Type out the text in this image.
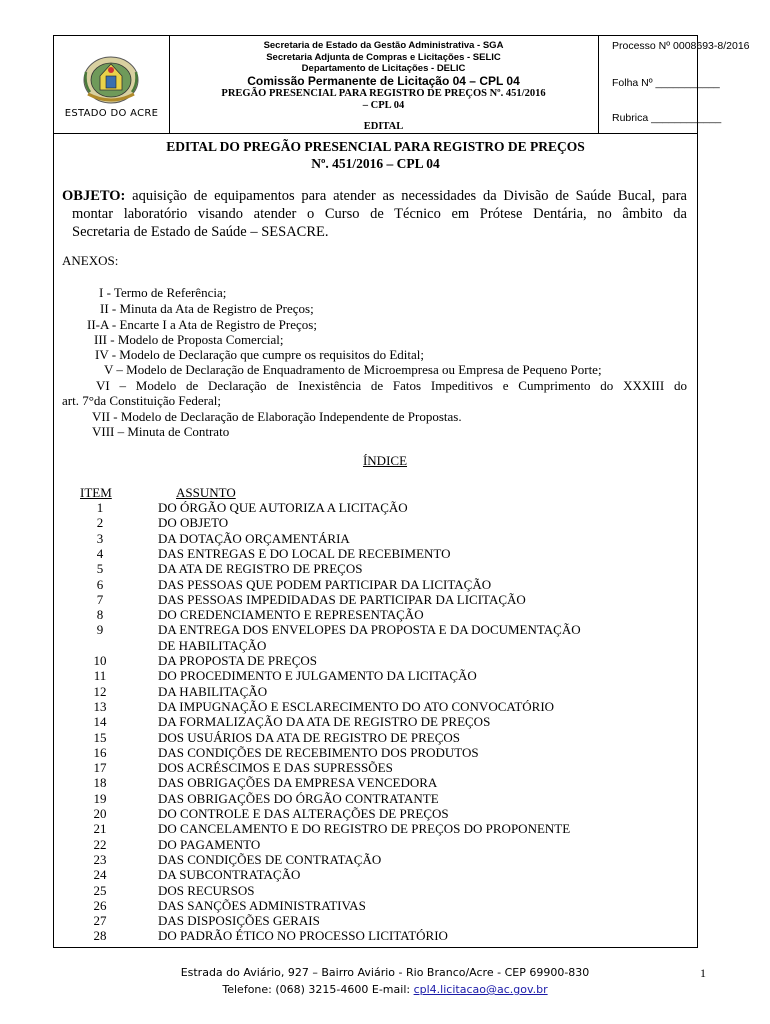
ESTADO DO ACRE
Secretaria de Estado da Gestão Administrativa - SGA
Secretaria Adjunta de Compras e Licitações - SELIC
Departamento de Licitações - DELIC
Comissão Permanente de Licitação 04 – CPL 04
PREGÃO PRESENCIAL PARA REGISTRO DE PREÇOS Nº. 451/2016
– CPL 04
EDITAL
Processo Nº 0008693-8/2016
Folha Nº ___________
Rubrica ____________
EDITAL DO PREGÃO PRESENCIAL PARA REGISTRO DE PREÇOS
Nº. 451/2016 – CPL 04
OBJETO: aquisição de equipamentos para atender as necessidades da Divisão de Saúde Bucal, para
montar laboratório visando atender o Curso de Técnico em Prótese Dentária, no âmbito da
Secretaria de Estado de Saúde – SESACRE.
ANEXOS:
I - Termo de Referência;
II - Minuta da Ata de Registro de Preços;
II-A - Encarte I a Ata de Registro de Preços;
III - Modelo de Proposta Comercial;
IV - Modelo de Declaração que cumpre os requisitos do Edital;
V – Modelo de Declaração de Enquadramento de Microempresa ou Empresa de Pequeno Porte;
VI – Modelo de Declaração de Inexistência de Fatos Impeditivos e Cumprimento do XXXIII do
art. 7°da Constituição Federal;
VII - Modelo de Declaração de Elaboração Independente de Propostas.
VIII – Minuta de Contrato
ÍNDICE
ITEM	ASSUNTO
1	DO ÓRGÃO QUE AUTORIZA A LICITAÇÃO
2	DO OBJETO
3	DA DOTAÇÃO ORÇAMENTÁRIA
4	DAS ENTREGAS E DO LOCAL DE RECEBIMENTO
5	DA ATA DE REGISTRO DE PREÇOS
6	DAS PESSOAS QUE PODEM PARTICIPAR DA LICITAÇÃO
7	DAS PESSOAS IMPEDIDADAS DE PARTICIPAR DA LICITAÇÃO
8	DO CREDENCIAMENTO E REPRESENTAÇÃO
9	DA ENTREGA DOS ENVELOPES DA PROPOSTA E DA DOCUMENTAÇÃO
DE HABILITAÇÃO
10	DA PROPOSTA DE PREÇOS
11	DO PROCEDIMENTO E JULGAMENTO DA LICITAÇÃO
12	DA HABILITAÇÃO
13	DA IMPUGNAÇÃO E ESCLARECIMENTO DO ATO CONVOCATÓRIO
14	DA FORMALIZAÇÃO DA ATA DE REGISTRO DE PREÇOS
15	DOS USUÁRIOS DA ATA DE REGISTRO DE PREÇOS
16	DAS CONDIÇÕES DE RECEBIMENTO DOS PRODUTOS
17	DOS ACRÉSCIMOS E DAS SUPRESSÕES
18	DAS OBRIGAÇÕES DA EMPRESA VENCEDORA
19	DAS OBRIGAÇÕES DO ÓRGÃO CONTRATANTE
20	DO CONTROLE E DAS ALTERAÇÕES DE PREÇOS
21	DO CANCELAMENTO E DO REGISTRO DE PREÇOS DO PROPONENTE
22	DO PAGAMENTO
23	DAS CONDIÇÕES DE CONTRATAÇÃO
24	DA SUBCONTRATAÇÃO
25	DOS RECURSOS
26	DAS SANÇÕES ADMINISTRATIVAS
27	DAS DISPOSIÇÕES GERAIS
28	DO PADRÃO ÉTICO NO PROCESSO LICITATÓRIO
Estrada do Aviário, 927 – Bairro Aviário - Rio Branco/Acre - CEP 69900-830
Telefone: (068) 3215-4600 E-mail: cpl4.licitacao@ac.gov.br
1
